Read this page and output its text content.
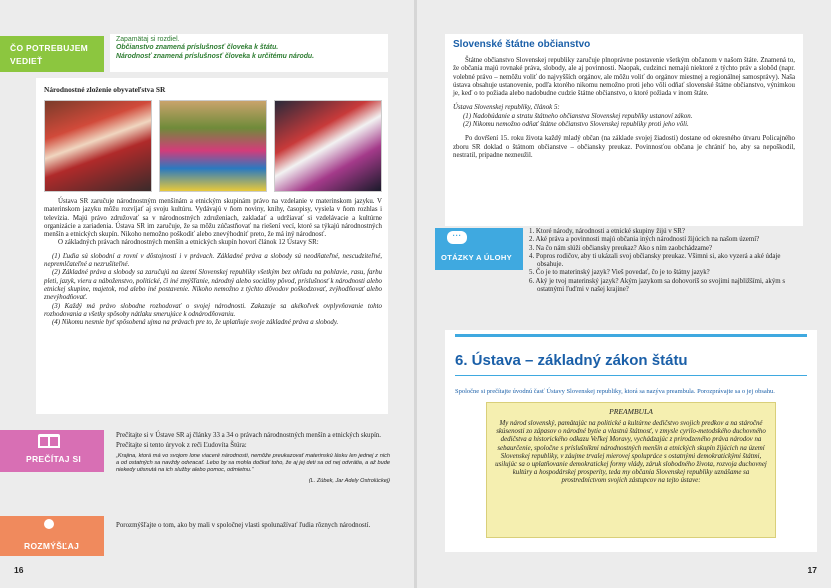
ČO POTREBUJEM
VEDIEŤ
Zapamätaj si rozdiel.
Občianstvo znamená príslušnosť človeka k štátu.
Národnosť znamená príslušnosť človeka k určitému národu.
Národnostné zloženie obyvateľstva SR

Ústava SR zaručuje národnostným menšinám a etnickým skupinám právo na vzdelanie v materinskom jazyku. V materinskom jazyku môžu rozvíjať aj svoju kultúru. Vydávajú v ňom noviny, knihy, časopisy, vysiela v ňom rozhlas i televízia. Majú právo združovať sa v národnostných združeniach, zakladať a udržiavať si vzdelávacie a kultúrne organizácie a zariadenia. Ústava SR im zaručuje, že sa môžu zúčastňovať na riešení vecí, ktoré sa týkajú národnostných menšín a etnických skupín. Nikoho nemožno poškodiť alebo znevýhodniť preto, že má iný národnosť.

O základných právach národnostných menšín a etnických skupín hovorí článok 12 Ústavy SR:

(1) Ľudia sú slobodní a rovní v dôstojnosti i v právach. Základné práva a slobody sú neodňateľné, nescudziteľné, nepremlčateľné a nezrušiteľné.

(2) Základné práva a slobody sa zaručujú na území Slovenskej republiky všetkým bez ohľadu na pohlavie, rasu, farbu pleti, jazyk, vieru a náboženstvo, politické, či iné zmýšľanie, národný alebo sociálny pôvod, príslušnosť k národnosti alebo etnickej skupine, majetok, rod alebo iné postavenie. Nikoho nemožno z týchto dôvodov poškodzovať, zvýhodňovať alebo znevýhodňovať.

(3) Každý má právo slobodne rozhodovať o svojej národnosti. Zakazuje sa akékoľvek ovplyvňovanie tohto rozhodovania a všetky spôsoby nátlaku smerujúce k odnárodňovaniu.

(4) Nikomu nesmie byť spôsobená ujma na právach pre to, že uplatňuje svoje základné práva a slobody.

PREČÍTAJ SI

Prečítajte si v Ústave SR aj články 33 a 34 o právach národnostných menšín a etnických skupín.

Prečítajte si tento úryvok z reči Ľudovíta Štúra:

„Krajina, ktorá má vo svojom lone viaceré národnosti, nemôže preukazovať materinskú lásku len jednej z nich a od ostatných sa navždy odvracať. Lebo by sa mohla dočkať toho, že aj jej deti sa od nej odvrátia, a až bude niekedy utisnutá na ich služby alebo pomoc, odmietnu.“

(L. Zúbek, Jar Adely Ostrolúckej)

ROZMÝŠĽAJ

Porozmýšľajte o tom, ako by mali v spoločnej vlasti spolunažívať ľudia rôznych národností.

16
Slovenské štátne občianstvo

Štátne občianstvo Slovenskej republiky zaručuje plnoprávne postavenie všetkým občanom v našom štáte. Znamená to, že občania majú rovnaké práva, slobody, ale aj povinnosti. Naopak, cudzinci nemajú niektoré z týchto práv a slobôd (napr. volebné právo – nemôžu voliť do najvyšších orgánov, ale môžu voliť do orgánov miestnej a regionálnej samosprávy). Naša ústava obsahuje ustanovenie, podľa ktorého nikomu nemožno proti jeho vôli odňať slovenské štátne občianstvo, výnimkou je, keď o to požiada alebo nadobudne cudzie štátne občianstvo, o ktoré požiada v inom štáte.

Ústava Slovenskej republiky, článok 5:

(1) Nadobúdanie a stratu štátneho občianstva Slovenskej republiky ustanoví zákon.

(2) Nikomu nemožno odňať štátne občianstvo Slovenskej republiky proti jeho vôli.

Po dovŕšení 15. roku života každý mladý občan (na základe svojej žiadosti) dostane od okresného útvaru Policajného zboru SR doklad o štátnom občianstve – občiansky preukaz. Povinnosťou občana je chrániť ho, aby sa nepoškodil, nestratil, pripadne nezneužil.

···
OTÁZKY A ÚLOHY
1. Ktoré národy, národnosti a etnické skupiny žijú v SR?
2. Aké práva a povinnosti majú občania iných národností žijúcich na našom území?
3. Na čo nám slúži občiansky preukaz? Ako s ním zaobchádzame?
4. Popros rodičov, aby ti ukázali svoj občiansky preukaz. Všimni si, ako vyzerá a aké údaje obsahuje.
5. Čo je to materinský jazyk? Vieš povedať, čo je to štátny jazyk?
6. Aký je tvoj materinský jazyk? Akým jazykom sa dohovoríš so svojimi najbližšími, akým s ostatnými ľuďmi v našej krajine?
6. Ústava – základný zákon štátu

Spoločne si prečítajte úvodnú časť Ústavy Slovenskej republiky, ktorá sa nazýva preambula. Porozprávajte sa o jej obsahu.

PREAMBULA

My národ slovenský, pamätajúc na politické a kultúrne dedičstvo svojich predkov a na stáročné skúsenosti zo zápasov o národné bytie a vlastnú štátnosť, v zmysle cyrilo-metodského duchovného dedičstva a historického odkazu Veľkej Moravy, vychádzajúc z prirodzeného práva národov na sebaurčenie, spoločne s príslušníkmi národnostných menšín a etnických skupín žijúcich na území Slovenskej republiky, v záujme trvalej mierovej spolupráce s ostatnými demokratickými štátmi, usilujúc sa o uplatňovanie demokratickej formy vlády, záruk slobodného života, rozvoja duchovnej kultúry a hospodárskej prosperity, teda my občania Slovenskej republiky uznášame sa prostredníctvom svojich zástupcov na tejto ústave:

17
